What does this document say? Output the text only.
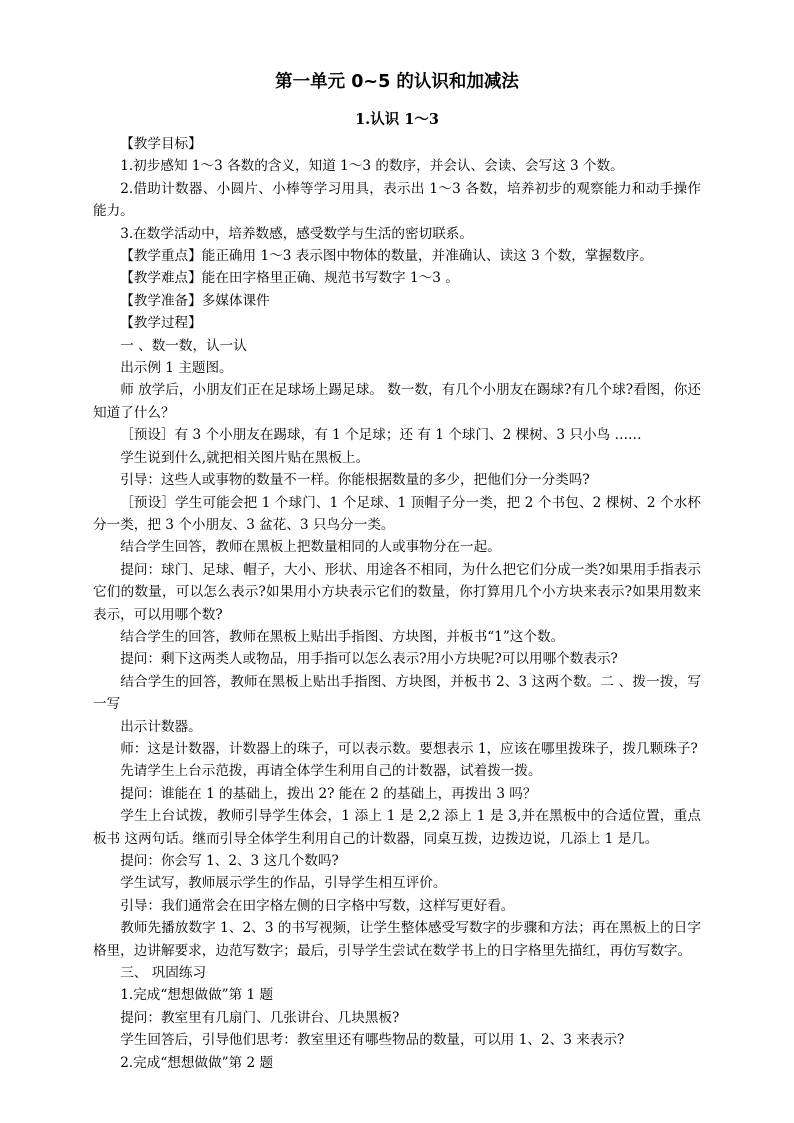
第一单元 0~5 的认识和加减法
1.认识 1～3

【教学目标】

1.初步感知 1～3 各数的含义，知道 1～3 的数序，并会认、会读、会写这 3 个数。

2.借助计数器、小圆片、小棒等学习用具，表示出 1～3 各数，培养初步的观察能力和动手操作能力。

3.在数学活动中，培养数感，感受数学与生活的密切联系。

【教学重点】能正确用 1～3 表示图中物体的数量，并准确认、读这 3 个数，掌握数序。

【教学难点】能在田字格里正确、规范书写数字 1～3 。

【教学准备】多媒体课件

【教学过程】

一 、数一数，认一认

出示例 1 主题图。

师 放学后，小朋友们正在足球场上踢足球。 数一数，有几个小朋友在踢球?有几个球?看图，你还知道了什么？

［预设］有 3 个小朋友在踢球，有 1 个足球；还 有 1 个球门、2 棵树、3 只小鸟 ……

学生说到什么,就把相关图片贴在黑板上。

引导：这些人或事物的数量不一样。你能根据数量的多少，把他们分一分类吗?

［预设］学生可能会把 1 个球门、1 个足球、1 顶帽子分一类，把 2 个书包、2 棵树、2 个水杯分一类，把 3 个小朋友、3 盆花、3 只鸟分一类。

结合学生回答，教师在黑板上把数量相同的人或事物分在一起。

提问：球门、足球、帽子，大小、形状、用途各不相同，为什么把它们分成一类?如果用手指表示它们的数量，可以怎么表示?如果用小方块表示它们的数量，你打算用几个小方块来表示?如果用数来表示，可以用哪个数?

结合学生的回答，教师在黑板上贴出手指图、方块图，并板书“1”这个数。

提问：剩下这两类人或物品，用手指可以怎么表示?用小方块呢?可以用哪个数表示?

结合学生的回答，教师在黑板上贴出手指图、方块图，并板书 2、3 这两个数。二 、拨一拨，写一写

出示计数器。

师：这是计数器，计数器上的珠子，可以表示数。要想表示 1，应该在哪里拨珠子，拨几颗珠子?

先请学生上台示范拨，再请全体学生利用自己的计数器，试着拨一拨。

提问：谁能在 1 的基础上，拨出 2? 能在 2 的基础上，再拨出 3 吗？

学生上台试拨，教师引导学生体会，1 添上 1 是 2,2 添上 1 是 3,并在黑板中的合适位置，重点板书 这两句话。继而引导全体学生利用自己的计数器，同桌互拨，边拨边说，几添上 1 是几。

提问：你会写 1、2、3 这几个数吗?

学生试写，教师展示学生的作品，引导学生相互评价。

引导：我们通常会在田字格左侧的日字格中写数，这样写更好看。

教师先播放数字 1、2、3 的书写视频，让学生整体感受写数字的步骤和方法；再在黑板上的日字格里，边讲解要求，边范写数字；最后，引导学生尝试在数学书上的日字格里先描红，再仿写数字。

三、 巩固练习

1.完成“想想做做”第 1 题

提问：教室里有几扇门、几张讲台、几块黑板?

学生回答后，引导他们思考：教室里还有哪些物品的数量，可以用 1、2、3 来表示?

2.完成“想想做做”第 2 题
